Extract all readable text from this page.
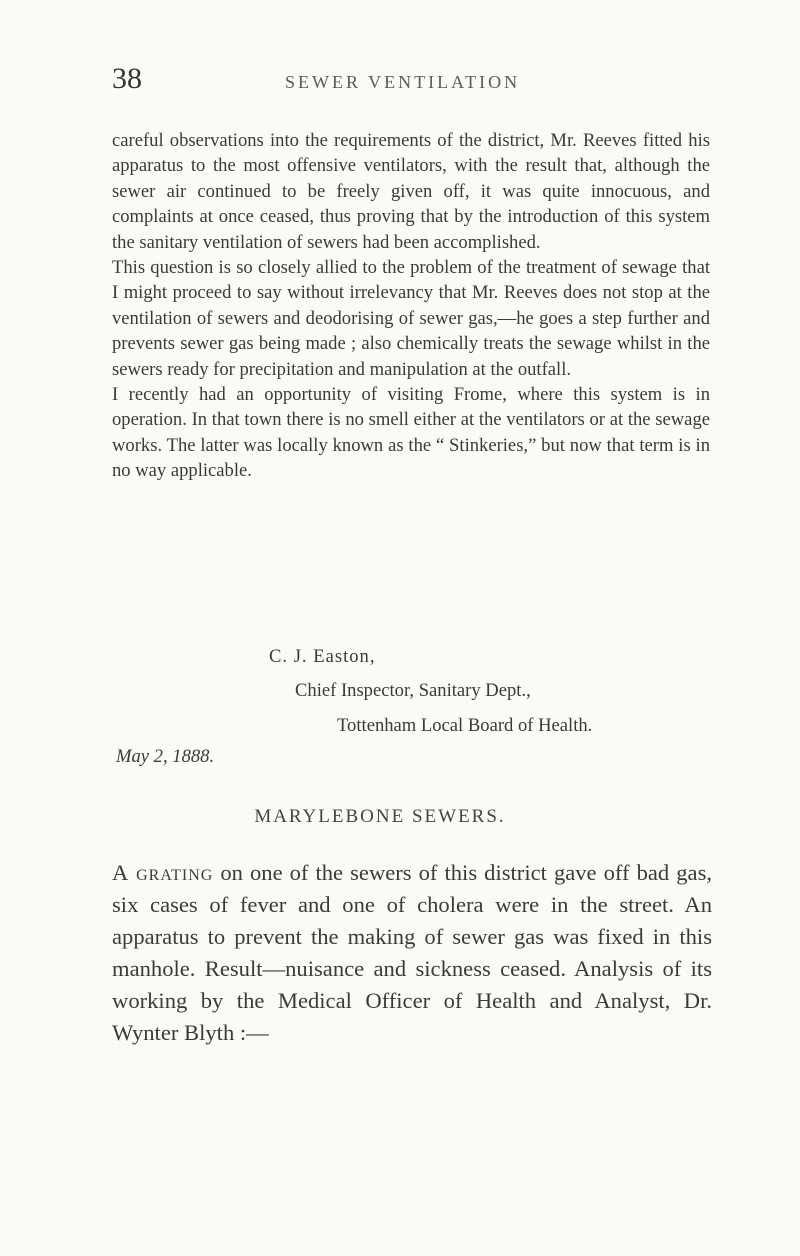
38	SEWER VENTILATION

careful observations into the requirements of the district, Mr. Reeves fitted his apparatus to the most offensive ventilators, with the result that, although the sewer air continued to be freely given off, it was quite innocuous, and complaints at once ceased, thus proving that by the introduction of this system the sanitary ventilation of sewers had been accomplished.

This question is so closely allied to the problem of the treatment of sewage that I might proceed to say without irrelevancy that Mr. Reeves does not stop at the ventilation of sewers and deodorising of sewer gas,—he goes a step further and prevents sewer gas being made ; also chemically treats the sewage whilst in the sewers ready for precipitation and manipulation at the outfall.

I recently had an opportunity of visiting Frome, where this system is in operation. In that town there is no smell either at the ventilators or at the sewage works. The latter was locally known as the “ Stinkeries,” but now that term is in no way applicable.

C. J. Easton,
Chief Inspector, Sanitary Dept.,
Tottenham Local Board of Health.
May 2, 1888.
MARYLEBONE SEWERS.

A grating on one of the sewers of this district gave off bad gas, six cases of fever and one of cholera were in the street. An apparatus to prevent the making of sewer gas was fixed in this manhole. Result—nuisance and sickness ceased. Analysis of its working by the Medical Officer of Health and Analyst, Dr. Wynter Blyth :—
